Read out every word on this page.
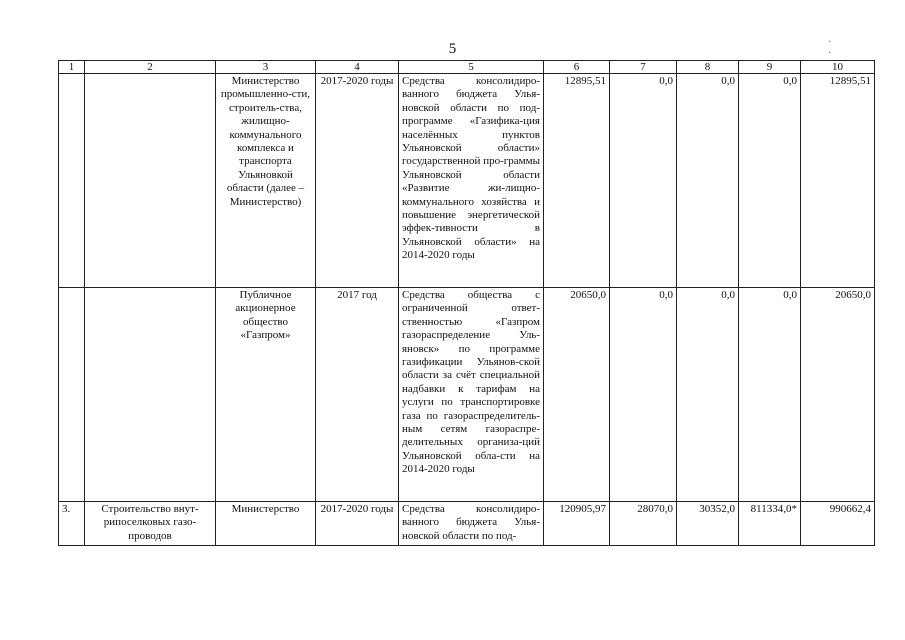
5	· ·
1	2	3	4	5	6	7	8	9	10
		Министерство промышленно-сти, строитель-ства, жилищно-коммунального комплекса и транспорта Ульяновкой области (далее – Министерство)	2017-2020 годы	Средства консолидиро-ванного бюджета Улья-новской области по под-программе «Газифика-ция населённых пунктов Ульяновской области» государственной про-граммы Ульяновской области «Развитие жи-лищно-коммунального хозяйства и повышение энергетической эффек-тивности в Ульяновской области» на 2014-2020 годы	12895,51	0,0	0,0	0,0	12895,51
		Публичное акционерное общество «Газпром»	2017 год	Средства общества с ограниченной ответ-ственностью «Газпром газораспределение Уль-яновск» по программе газификации Ульянов-ской области за счёт специальной надбавки к тарифам на услуги по транспортировке газа по газораспределитель-ным сетям газораспре-делительных организа-ций Ульяновской обла-сти на 2014-2020 годы	20650,0	0,0	0,0	0,0	20650,0
3.	Строительство внут-рипоселковых газо-проводов	Министерство	2017-2020 годы	Средства консолидиро-ванного бюджета Улья-новской области по под-	120905,97	28070,0	30352,0	811334,0*	990662,4
